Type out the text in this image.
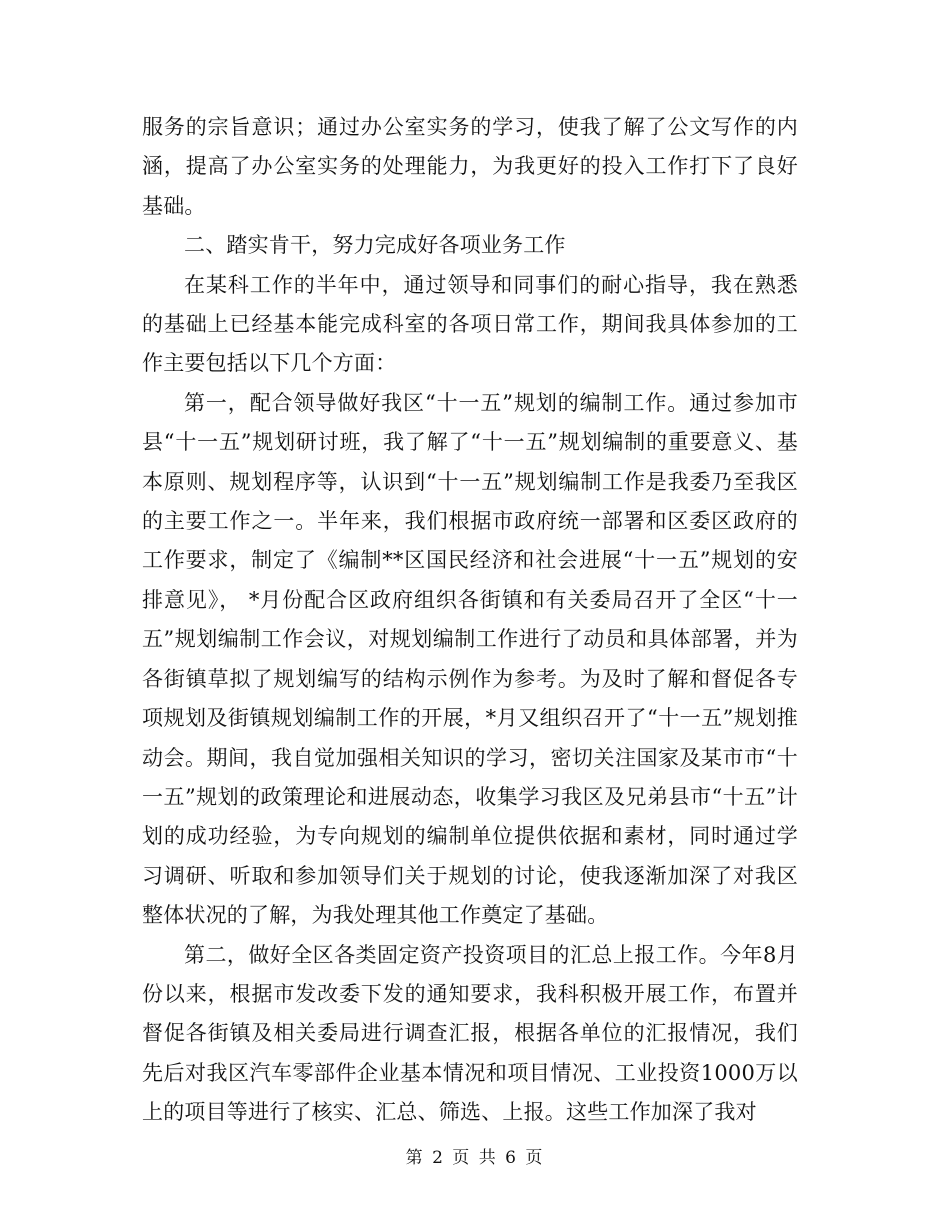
服务的宗旨意识；通过办公室实务的学习，使我了解了公文写作的内涵，提高了办公室实务的处理能力，为我更好的投入工作打下了良好基础。

二、踏实肯干，努力完成好各项业务工作

在某科工作的半年中，通过领导和同事们的耐心指导，我在熟悉的基础上已经基本能完成科室的各项日常工作，期间我具体参加的工作主要包括以下几个方面：

第一，配合领导做好我区“十一五”规划的编制工作。通过参加市县“十一五”规划研讨班，我了解了“十一五”规划编制的重要意义、基本原则、规划程序等，认识到“十一五”规划编制工作是我委乃至我区的主要工作之一。半年来，我们根据市政府统一部署和区委区政府的工作要求，制定了《编制**区国民经济和社会进展“十一五”规划的安排意见》， *月份配合区政府组织各街镇和有关委局召开了全区“十一五”规划编制工作会议，对规划编制工作进行了动员和具体部署，并为各街镇草拟了规划编写的结构示例作为参考。为及时了解和督促各专项规划及街镇规划编制工作的开展，*月又组织召开了“十一五”规划推动会。期间，我自觉加强相关知识的学习，密切关注国家及某市市“十一五”规划的政策理论和进展动态，收集学习我区及兄弟县市“十五”计划的成功经验，为专向规划的编制单位提供依据和素材，同时通过学习调研、听取和参加领导们关于规划的讨论，使我逐渐加深了对我区整体状况的了解，为我处理其他工作奠定了基础。

第二，做好全区各类固定资产投资项目的汇总上报工作。今年8月份以来，根据市发改委下发的通知要求，我科积极开展工作，布置并督促各街镇及相关委局进行调查汇报，根据各单位的汇报情况，我们先后对我区汽车零部件企业基本情况和项目情况、工业投资1000万以上的项目等进行了核实、汇总、筛选、上报。这些工作加深了我对

第 2 页 共 6 页
